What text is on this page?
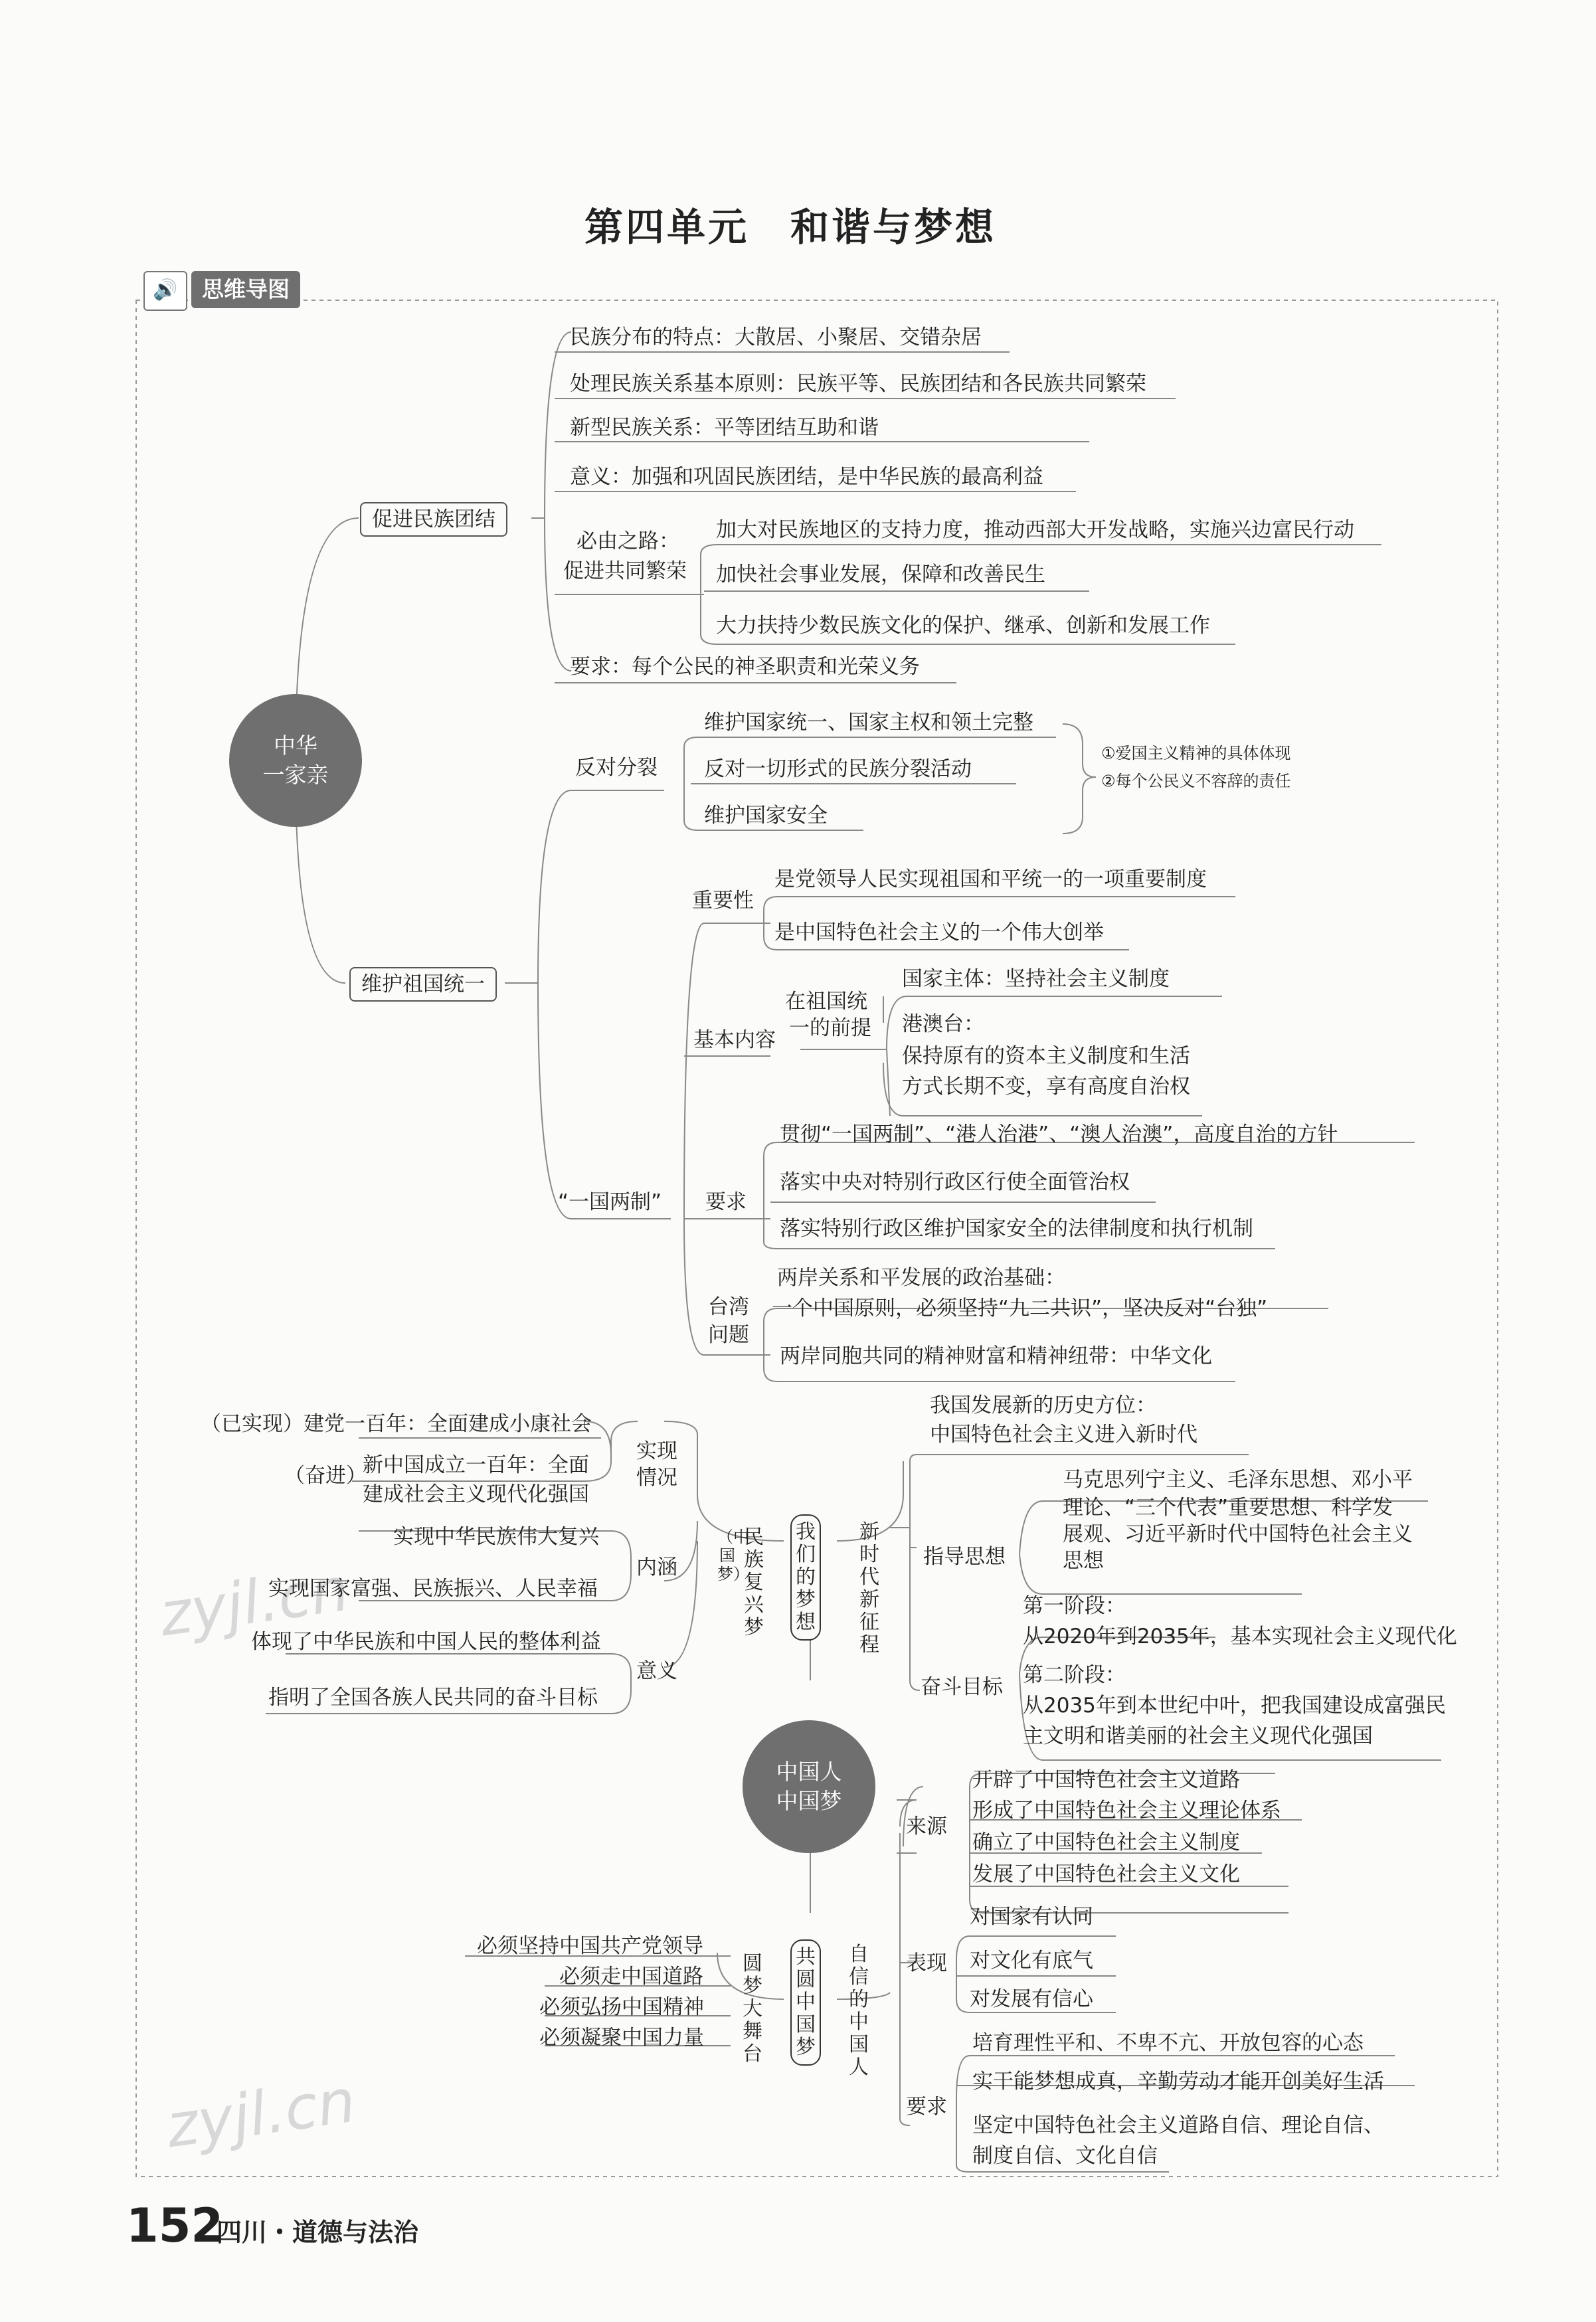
zyjl.cn
zyjl.cn
第四单元　和谐与梦想
🔊	思维导图
中华
一家亲
促进民族团结
民族分布的特点：大散居、小聚居、交错杂居
处理民族关系基本原则：民族平等、民族团结和各民族共同繁荣
新型民族关系：平等团结互助和谐
意义：加强和巩固民族团结，是中华民族的最高利益
必由之路：
促进共同繁荣
加大对民族地区的支持力度，推动西部大开发战略，实施兴边富民行动
加快社会事业发展，保障和改善民生
大力扶持少数民族文化的保护、继承、创新和发展工作
要求：每个公民的神圣职责和光荣义务
维护祖国统一
反对分裂
维护国家统一、国家主权和领土完整
反对一切形式的民族分裂活动
维护国家安全
①爱国主义精神的具体体现
②每个公民义不容辞的责任
“一国两制”
重要性
是党领导人民实现祖国和平统一的一项重要制度
是中国特色社会主义的一个伟大创举
基本内容
在祖国统
一的前提
国家主体：坚持社会主义制度
港澳台：
保持原有的资本主义制度和生活
方式长期不变，享有高度自治权
要求
贯彻“一国两制”、“港人治港”、“澳人治澳”，高度自治的方针
落实中央对特别行政区行使全面管治权
落实特别行政区维护国家安全的法律制度和执行机制
台湾
问题
两岸关系和平发展的政治基础：
一个中国原则，必须坚持“九二共识”，坚决反对“台独”
两岸同胞共同的精神财富和精神纽带：中华文化
中国人
中国梦
我们的梦想
民族复兴梦
（中国梦）
新时代新征程
实现
情况
（已实现）建党一百年：全面建成小康社会
（奋进）
新中国成立一百年：全面
建成社会主义现代化强国
内涵
实现中华民族伟大复兴
实现国家富强、民族振兴、人民幸福
意义
体现了中华民族和中国人民的整体利益
指明了全国各族人民共同的奋斗目标
我国发展新的历史方位：
中国特色社会主义进入新时代
指导思想
马克思列宁主义、毛泽东思想、邓小平
理论、“三个代表”重要思想、科学发
展观、习近平新时代中国特色社会主义
思想
奋斗目标
第一阶段：
从2020年到2035年，基本实现社会主义现代化
第二阶段：
从2035年到本世纪中叶，把我国建设成富强民
主文明和谐美丽的社会主义现代化强国
共圆中国梦
圆梦大舞台
必须坚持中国共产党领导
必须走中国道路
必须弘扬中国精神
必须凝聚中国力量
自信的中国人
来源
开辟了中国特色社会主义道路
形成了中国特色社会主义理论体系
确立了中国特色社会主义制度
发展了中国特色社会主义文化
表现
对国家有认同
对文化有底气
对发展有信心
要求
培育理性平和、不卑不亢、开放包容的心态
实干能梦想成真，辛勤劳动才能开创美好生活
坚定中国特色社会主义道路自信、理论自信、
制度自信、文化自信
152
四川・道德与法治
